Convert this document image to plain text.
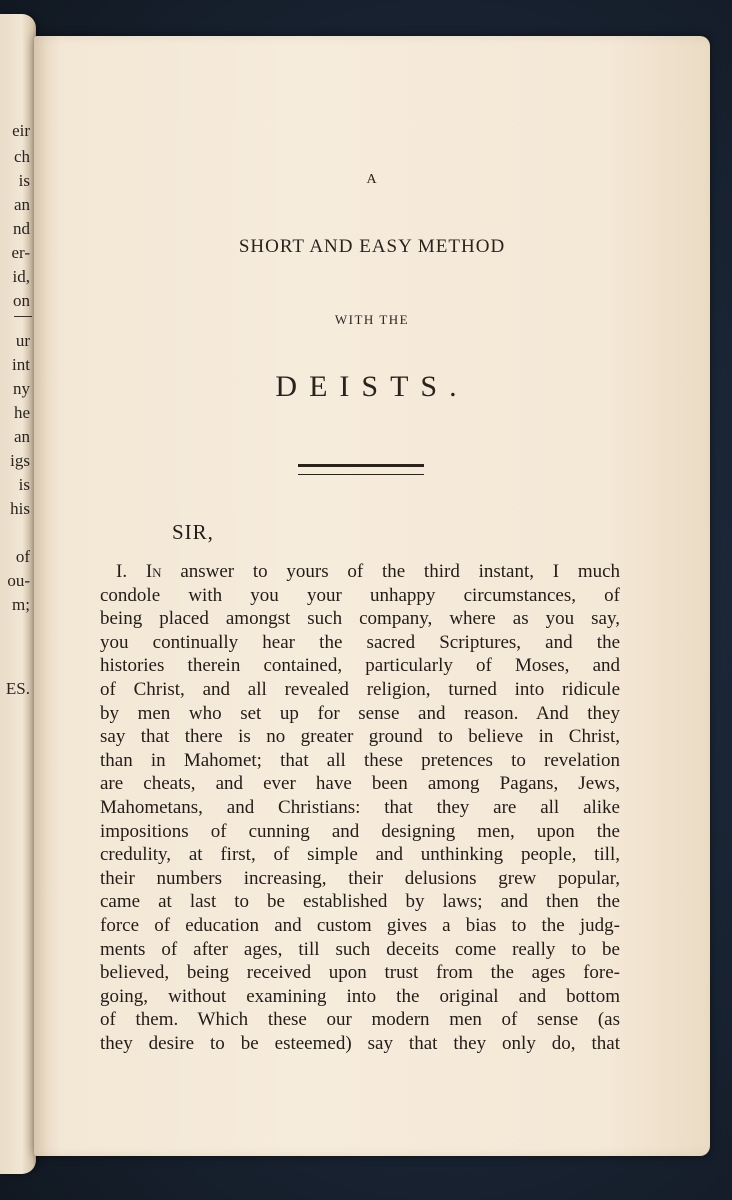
eir
ch
is
an
nd
er-
id,
on
ur
int
ny
he
an
igs
is
his
of
ou-
m;
ES.
A
SHORT AND EASY METHOD
WITH THE
DEISTS.
SIR,
I. In answer to yours of the third instant, I much
condole with you your unhappy circumstances, of
being placed amongst such company, where as you say,
you continually hear the sacred Scriptures, and the
histories therein contained, particularly of Moses, and
of Christ, and all revealed religion, turned into ridicule
by men who set up for sense and reason. And they
say that there is no greater ground to believe in Christ,
than in Mahomet; that all these pretences to revelation
are cheats, and ever have been among Pagans, Jews,
Mahometans, and Christians: that they are all alike
impositions of cunning and designing men, upon the
credulity, at first, of simple and unthinking people, till,
their numbers increasing, their delusions grew popular,
came at last to be established by laws; and then the
force of education and custom gives a bias to the judg-
ments of after ages, till such deceits come really to be
believed, being received upon trust from the ages fore-
going, without examining into the original and bottom
of them. Which these our modern men of sense (as
they desire to be esteemed) say that they only do, that
